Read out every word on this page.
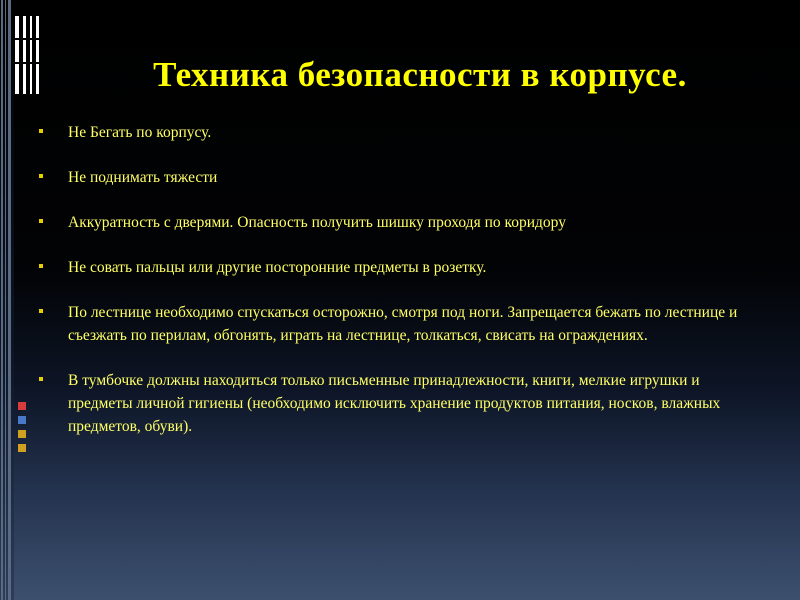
Техника безопасности в корпусе.
Не Бегать по корпусу.
Не поднимать тяжести
Аккуратность с дверями. Опасность получить шишку проходя по коридору
Не совать пальцы или другие посторонние предметы в розетку.
По лестнице необходимо спускаться осторожно, смотря под ноги. Запрещается бежать по лестнице и съезжать по перилам, обгонять, играть на лестнице, толкаться, свисать на ограждениях.
В тумбочке должны находиться только письменные принадлежности, книги, мелкие игрушки и предметы личной гигиены (необходимо исключить хранение продуктов питания, носков, влажных предметов, обуви).
